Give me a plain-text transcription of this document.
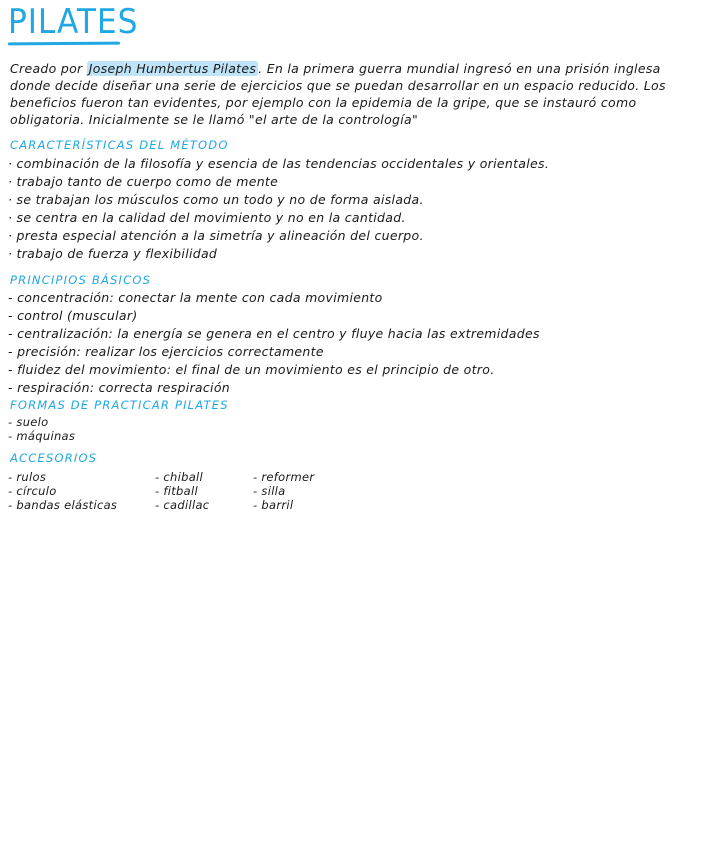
PILATES
Creado por Joseph Humbertus Pilates . En la primera guerra mundial ingresó en una prisión inglesa donde decide diseñar una serie de ejercicios que se puedan desarrollar en un espacio reducido. Los beneficios fueron tan evidentes, por ejemplo con la epidemia de la gripe, que se instauró como obligatoria. Inicialmente se le llamó "el arte de la contrología"
CARACTERÍSTICAS DEL MÉTODO
· combinación de la filosofía y esencia de las tendencias occidentales y orientales.
· trabajo tanto de cuerpo como de mente
· se trabajan los músculos como un todo y no de forma aislada.
· se centra en la calidad del movimiento y no en la cantidad.
· presta especial atención a la simetría y alineación del cuerpo.
· trabajo de fuerza y flexibilidad
PRINCIPIOS BÁSICOS
- concentración: conectar la mente con cada movimiento
- control (muscular)
- centralización: la energía se genera en el centro y fluye hacia las extremidades
- precisión: realizar los ejercicios correctamente
- fluidez del movimiento: el final de un movimiento es el principio de otro.
- respiración: correcta respiración
FORMAS DE PRACTICAR PILATES
- suelo
- máquinas
ACCESORIOS
- rulos
- círculo
- bandas elásticas
- chiball
- fitball
- cadillac
- reformer
- silla
- barril
